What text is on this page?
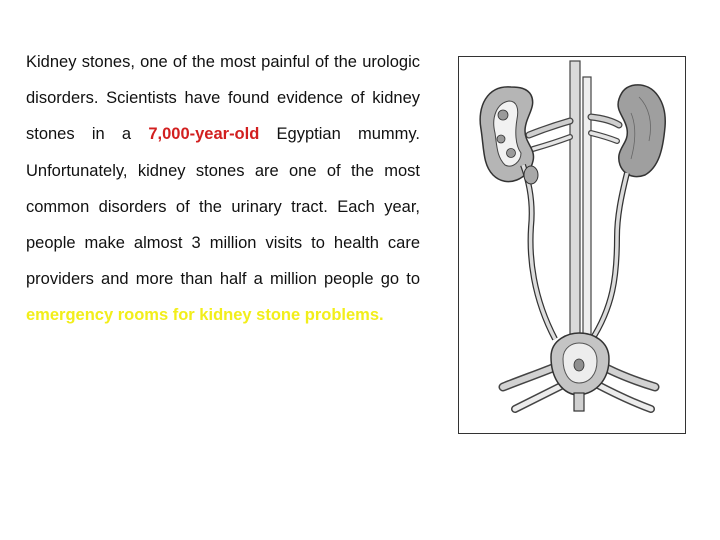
Kidney stones, one of the most painful of the urologic disorders. Scientists have found evidence of kidney stones in a 7,000-year-old Egyptian mummy. Unfortunately, kidney stones are one of the most common disorders of the urinary tract. Each year, people make almost 3 million visits to health care providers and more than half a million people go to emergency rooms for kidney stone problems.
